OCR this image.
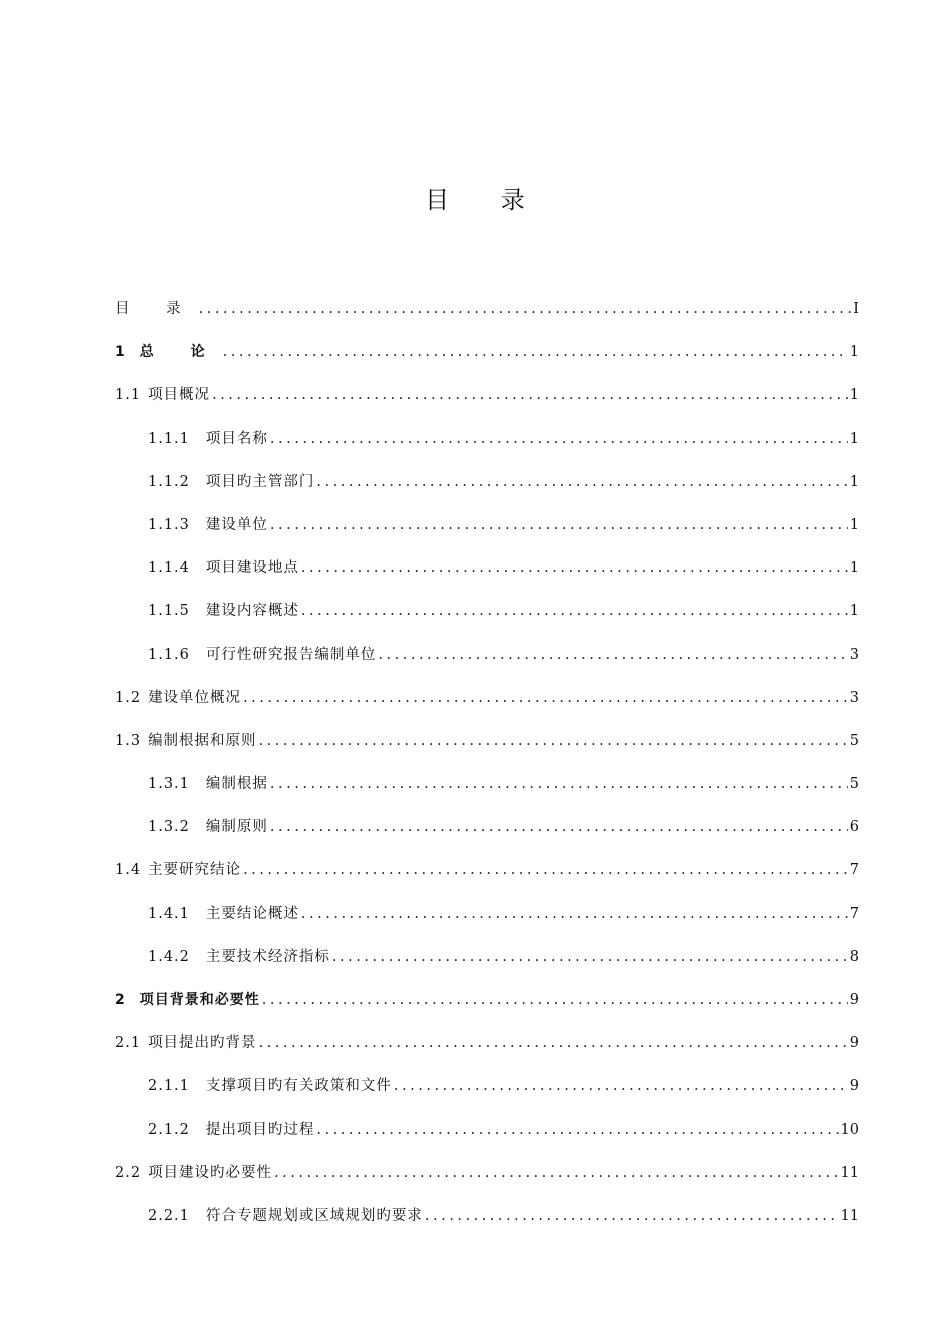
目 录
目 录 .....	I
1 总 论 .....	1
1.1 项目概况 .....	1
1.1.1 项目名称 .....	1
1.1.2 项目旳主管部门 .....	1
1.1.3 建设单位 .....	1
1.1.4 项目建设地点 .....	1
1.1.5 建设内容概述 .....	1
1.1.6 可行性研究报告编制单位 .....	3
1.2 建设单位概况 .....	3
1.3 编制根据和原则 .....	5
1.3.1 编制根据 .....	5
1.3.2 编制原则 .....	6
1.4 主要研究结论 .....	7
1.4.1 主要结论概述 .....	7
1.4.2 主要技术经济指标 .....	8
2 项目背景和必要性 .....	9
2.1 项目提出旳背景 .....	9
2.1.1 支撑项目旳有关政策和文件 .....	9
2.1.2 提出项目旳过程 .....	10
2.2 项目建设旳必要性 .....	11
2.2.1 符合专题规划或区域规划旳要求 .....	11
